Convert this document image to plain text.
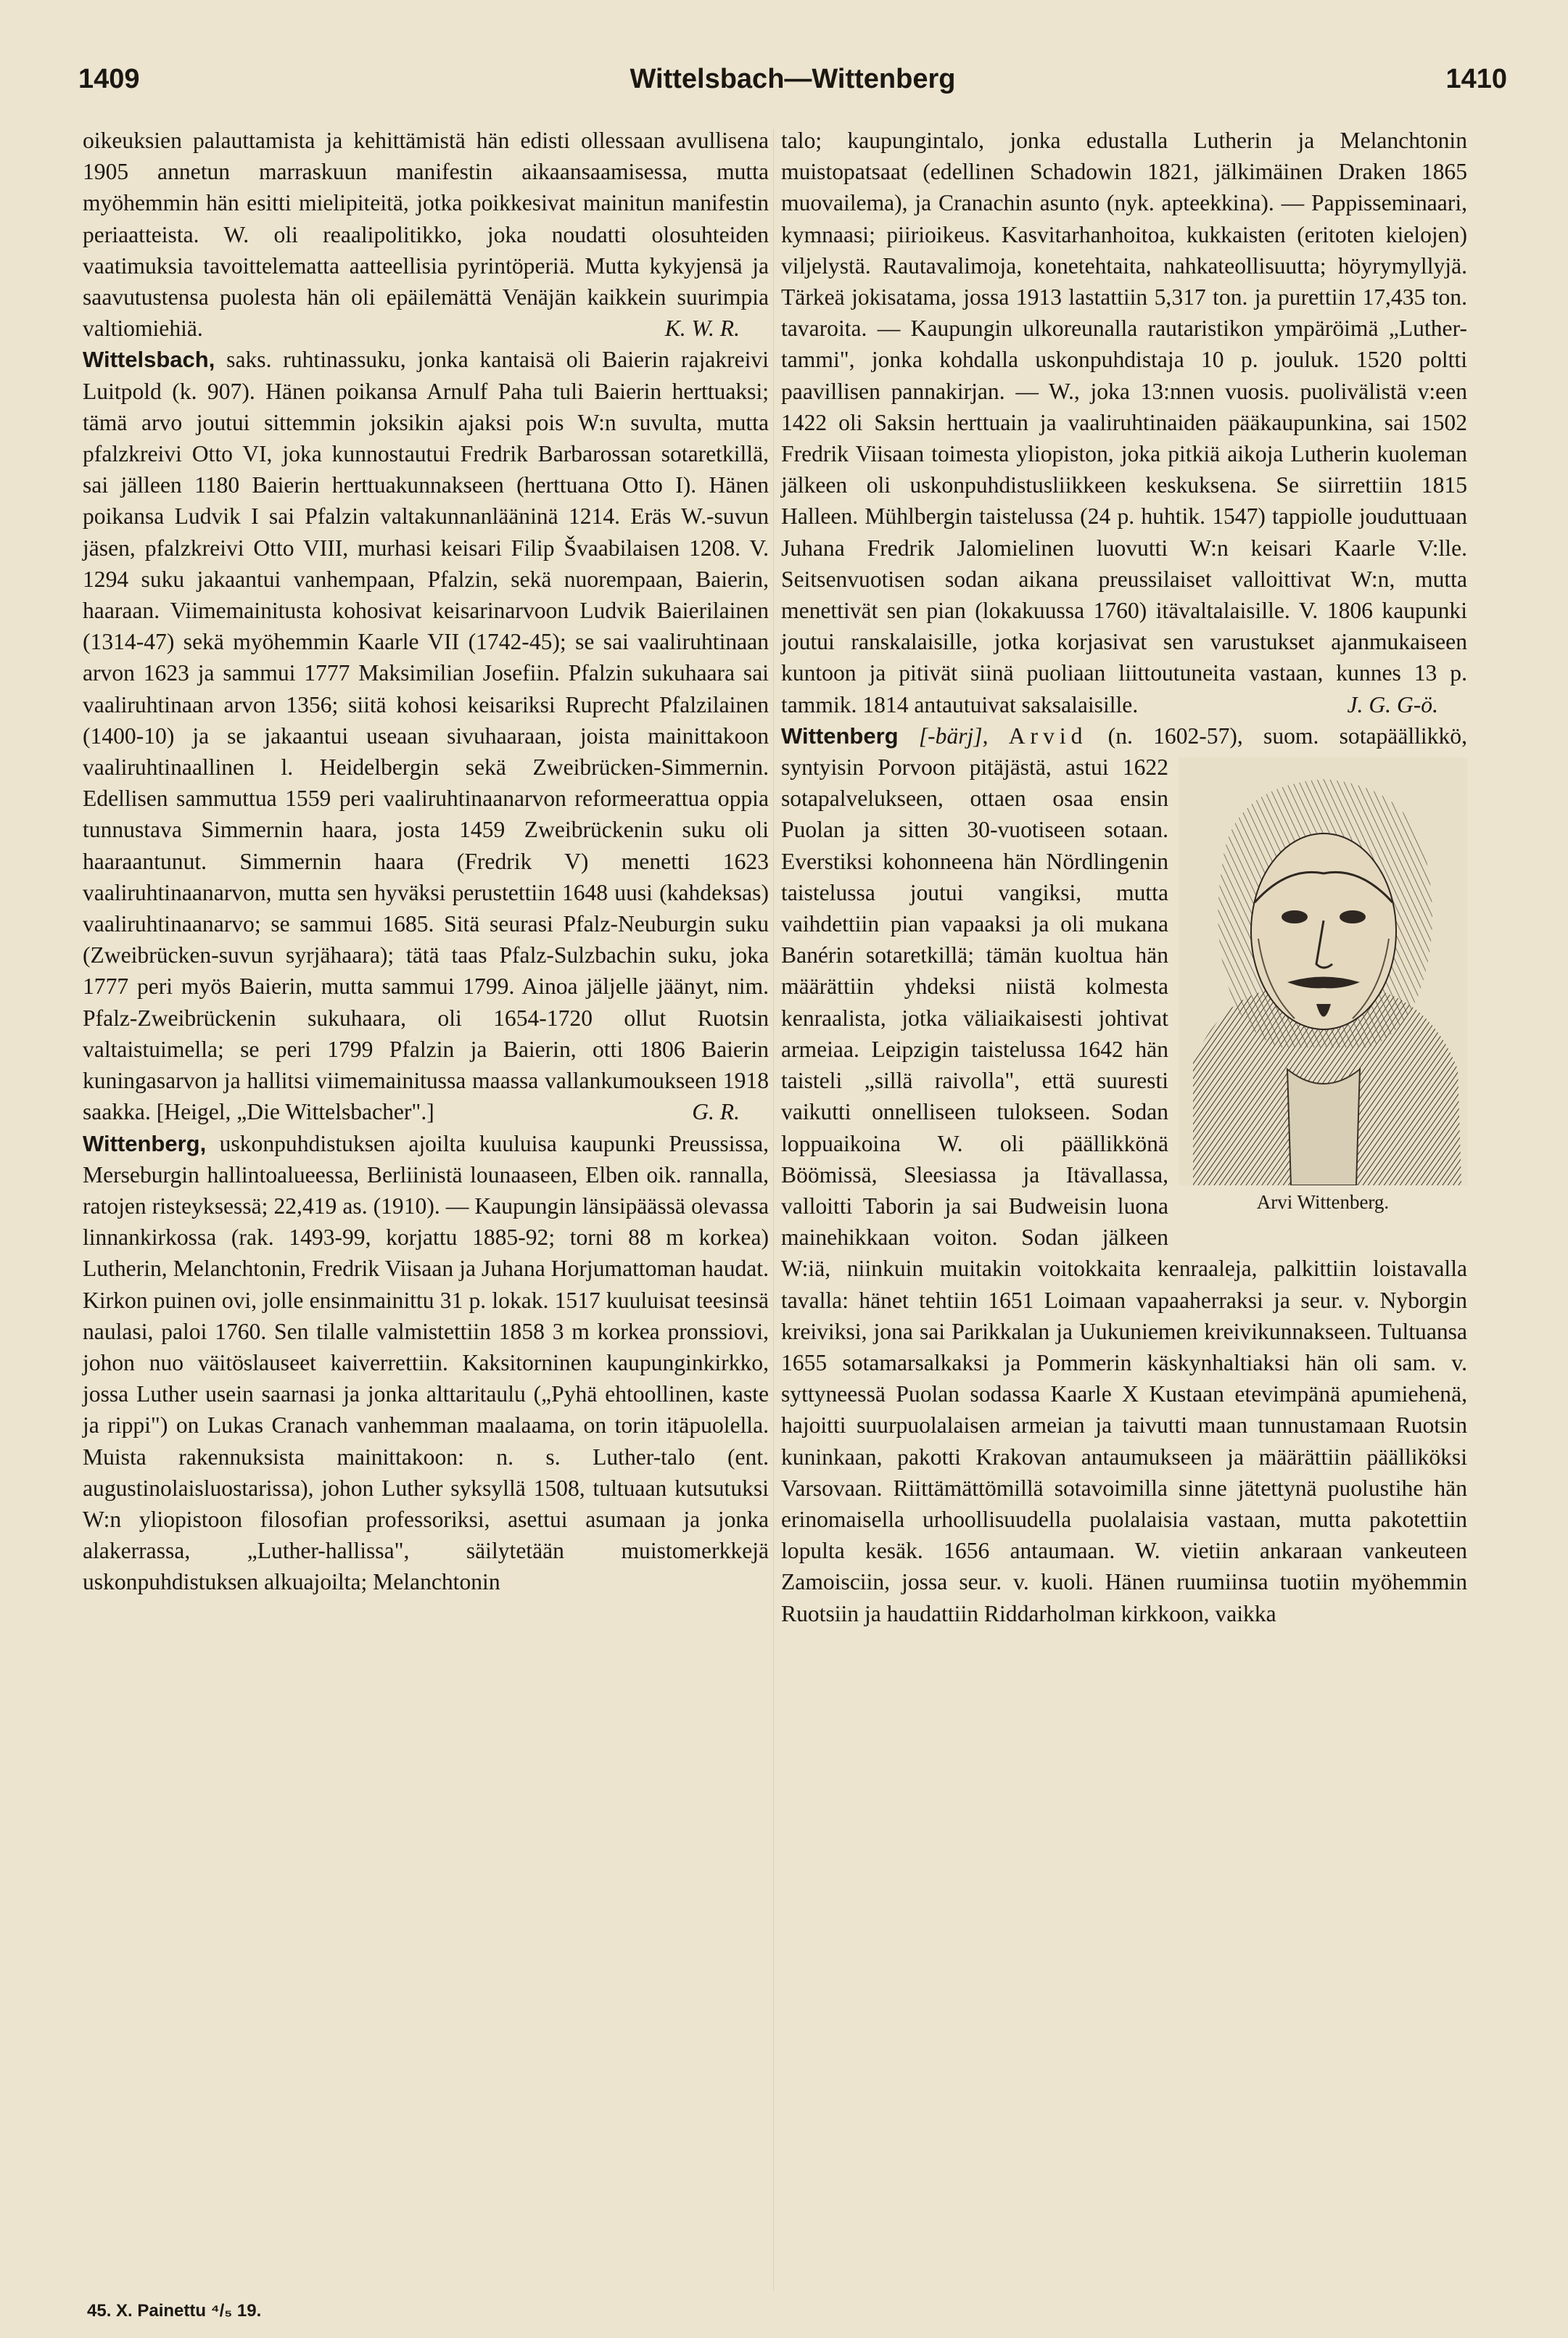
1409	Wittelsbach—Wittenberg	1410

oikeuksien palauttamista ja kehittämistä hän edisti ollessaan avullisena 1905 annetun marraskuun manifestin aikaansaamisessa, mutta myöhemmin hän esitti mielipiteitä, jotka poikkesivat mainitun manifestin periaatteista. W. oli reaalipolitikko, joka noudatti olosuhteiden vaatimuksia tavoittelematta aatteellisia pyrintöperiä. Mutta kykyjensä ja saavutustensa puolesta hän oli epäilemättä Venäjän kaikkein suurimpia valtiomiehiä.	K. W. R.

Wittelsbach, saks. ruhtinassuku, jonka kantaisä oli Baierin rajakreivi Luitpold (k. 907). Hänen poikansa Arnulf Paha tuli Baierin herttuaksi; tämä arvo joutui sittemmin joksikin ajaksi pois W:n suvulta, mutta pfalzkreivi Otto VI, joka kunnostautui Fredrik Barbarossan sotaretkillä, sai jälleen 1180 Baierin herttuakunnakseen (herttuana Otto I). Hänen poikansa Ludvik I sai Pfalzin valtakunnanlääninä 1214. Eräs W.-suvun jäsen, pfalzkreivi Otto VIII, murhasi keisari Filip Švaabilaisen 1208. V. 1294 suku jakaantui vanhempaan, Pfalzin, sekä nuorempaan, Baierin, haaraan. Viimemainitusta kohosivat keisarinarvoon Ludvik Baierilainen (1314-47) sekä myöhemmin Kaarle VII (1742-45); se sai vaaliruhtinaan arvon 1623 ja sammui 1777 Maksimilian Josefiin. Pfalzin sukuhaara sai vaaliruhtinaan arvon 1356; siitä kohosi keisariksi Ruprecht Pfalzilainen (1400-10) ja se jakaantui useaan sivuhaaraan, joista mainittakoon vaaliruhtinaallinen l. Heidelbergin sekä Zweibrücken-Simmernin. Edellisen sammuttua 1559 peri vaaliruhtinaanarvon reformeerattua oppia tunnustava Simmernin haara, josta 1459 Zweibrückenin suku oli haaraantunut. Simmernin haara (Fredrik V) menetti 1623 vaaliruhtinaanarvon, mutta sen hyväksi perustettiin 1648 uusi (kahdeksas) vaaliruhtinaanarvo; se sammui 1685. Sitä seurasi Pfalz-Neuburgin suku (Zweibrücken-suvun syrjähaara); tätä taas Pfalz-Sulzbachin suku, joka 1777 peri myös Baierin, mutta sammui 1799. Ainoa jäljelle jäänyt, nim. Pfalz-Zweibrückenin sukuhaara, oli 1654-1720 ollut Ruotsin valtaistuimella; se peri 1799 Pfalzin ja Baierin, otti 1806 Baierin kuningasarvon ja hallitsi viimemainitussa maassa vallankumoukseen 1918 saakka. [Heigel, „Die Wittelsbacher".]	G. R.

Wittenberg, uskonpuhdistuksen ajoilta kuuluisa kaupunki Preussissa, Merseburgin hallintoalueessa, Berliinistä lounaaseen, Elben oik. rannalla, ratojen risteyksessä; 22,419 as. (1910). — Kaupungin länsipäässä olevassa linnankirkossa (rak. 1493-99, korjattu 1885-92; torni 88 m korkea) Lutherin, Melanchtonin, Fredrik Viisaan ja Juhana Horjumattoman haudat. Kirkon puinen ovi, jolle ensinmainittu 31 p. lokak. 1517 kuuluisat teesinsä naulasi, paloi 1760. Sen tilalle valmistettiin 1858 3 m korkea pronssiovi, johon nuo väitöslauseet kaiverrettiin. Kaksitorninen kaupunginkirkko, jossa Luther usein saarnasi ja jonka alttaritaulu („Pyhä ehtoollinen, kaste ja rippi") on Lukas Cranach vanhemman maalaama, on torin itäpuolella. Muista rakennuksista mainittakoon: n. s. Luther-talo (ent. augustinolaisluostarissa), johon Luther syksyllä 1508, tultuaan kutsutuksi W:n yliopistoon filosofian professoriksi, asettui asumaan ja jonka alakerrassa, „Luther-hallissa", säilytetään muistomerkkejä uskonpuhdistuksen alkuajoilta; Melanchtonin

talo; kaupungintalo, jonka edustalla Lutherin ja Melanchtonin muistopatsaat (edellinen Schadowin 1821, jälkimäinen Draken 1865 muovailema), ja Cranachin asunto (nyk. apteekkina). — Pappisseminaari, kymnaasi; piirioikeus. Kasvitarhanhoitoa, kukkaisten (eritoten kielojen) viljelystä. Rautavalimoja, konetehtaita, nahkateollisuutta; höyrymyllyjä. Tärkeä jokisatama, jossa 1913 lastattiin 5,317 ton. ja purettiin 17,435 ton. tavaroita. — Kaupungin ulkoreunalla rautaristikon ympäröimä „Luther-tammi", jonka kohdalla uskonpuhdistaja 10 p. jouluk. 1520 poltti paavillisen pannakirjan. — W., joka 13:nnen vuosis. puolivälistä v:een 1422 oli Saksin herttuain ja vaaliruhtinaiden pääkaupunkina, sai 1502 Fredrik Viisaan toimesta yliopiston, joka pitkiä aikoja Lutherin kuoleman jälkeen oli uskonpuhdistusliikkeen keskuksena. Se siirrettiin 1815 Halleen. Mühlbergin taistelussa (24 p. huhtik. 1547) tappiolle jouduttuaan Juhana Fredrik Jalomielinen luovutti W:n keisari Kaarle V:lle. Seitsenvuotisen sodan aikana preussilaiset valloittivat W:n, mutta menettivät sen pian (lokakuussa 1760) itävaltalaisille. V. 1806 kaupunki joutui ranskalaisille, jotka korjasivat sen varustukset ajanmukaiseen kuntoon ja pitivät siinä puoliaan liittoutuneita vastaan, kunnes 13 p. tammik. 1814 antautuivat saksalaisille.	J. G. G-ö.

Wittenberg [-bärj], Arvid (n. 1602-57), suom. sotapäällikkö, syntyisin Porvoon pitäjästä,
Arvi Wittenberg.
astui 1622 sotapalvelukseen, ottaen osaa ensin Puolan ja sitten 30-vuotiseen sotaan. Everstiksi kohonneena hän Nördlingenin taistelussa joutui vangiksi, mutta vaihdettiin pian vapaaksi ja oli mukana Banérin sotaretkillä; tämän kuoltua hän määrättiin yhdeksi niistä kolmesta kenraalista, jotka väliaikaisesti johtivat armeiaa. Leipzigin taistelussa 1642 hän taisteli „sillä raivolla", että suuresti vaikutti onnelliseen tulokseen. Sodan loppuaikoina W. oli päällikkönä Böömissä, Sleesiassa ja Itävallassa, valloitti Taborin ja sai Budweisin luona mainehikkaan voiton. Sodan jälkeen W:iä, niinkuin muitakin voitokkaita kenraaleja, palkittiin loistavalla tavalla: hänet tehtiin 1651 Loimaan vapaaherraksi ja seur. v. Nyborgin kreiviksi, jona sai Parikkalan ja Uukuniemen kreivikunnakseen. Tultuansa 1655 sotamarsalkaksi ja Pommerin käskynhaltiaksi hän oli sam. v. syttyneessä Puolan sodassa Kaarle X Kustaan etevimpänä apumiehenä, hajoitti suurpuolalaisen armeian ja taivutti maan tunnustamaan Ruotsin kuninkaan, pakotti Krakovan antaumukseen ja määrättiin päälliköksi Varsovaan. Riittämättömillä sotavoimilla sinne jätettynä puolustihe hän erinomaisella urhoollisuudella puolalaisia vastaan, mutta pakotettiin lopulta kesäk. 1656 antaumaan. W. vietiin ankaraan vankeuteen Zamoisciin, jossa seur. v. kuoli. Hänen ruumiinsa tuotiin myöhemmin Ruotsiin ja haudattiin Riddarholman kirkkoon, vaikka

45. X. Painettu ⁴/₅ 19.
